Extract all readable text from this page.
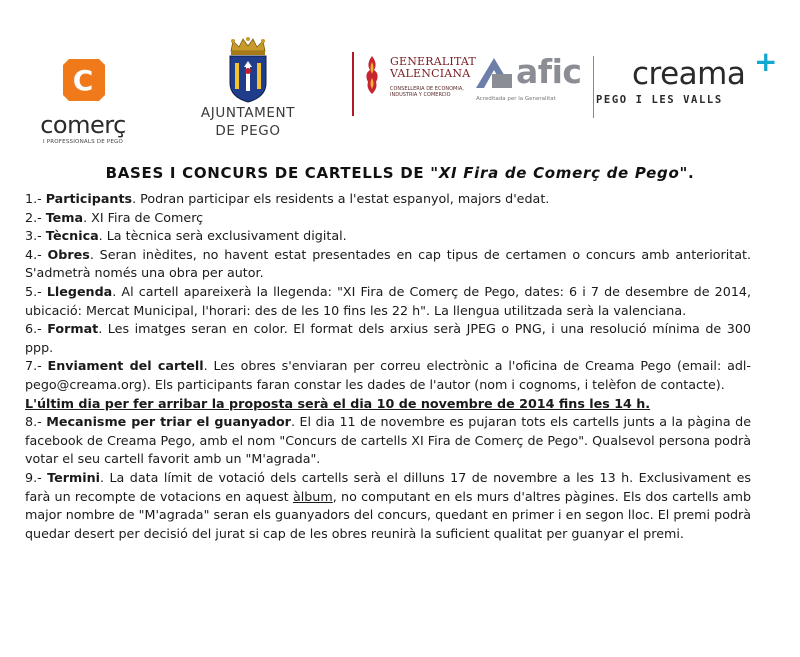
C
comerç
I PROFESSIONALS DE PEGO
AJUNTAMENT
DE PEGO
GENERALITAT
VALENCIANA
CONSELLERIA DE ECONOMIA,
INDUSTRIA Y COMERCIO
afic
Acreditada per la Generalitat
creama +
PEGO I LES VALLS
BASES I CONCURS DE CARTELLS DE "XI Fira de Comerç de Pego".

1.- Participants. Podran participar els residents a l'estat espanyol, majors d'edat.

2.- Tema. XI Fira de Comerç

3.- Tècnica. La tècnica serà exclusivament digital.

4.- Obres. Seran inèdites, no havent estat presentades en cap tipus de certamen o concurs amb anterioritat. S'admetrà només una obra per autor.

5.- Llegenda. Al cartell apareixerà la llegenda: "XI Fira de Comerç de Pego, dates: 6 i 7 de desembre de 2014, ubicació: Mercat Municipal, l'horari: des de les 10 fins les 22 h". La llengua utilitzada serà la valenciana.

6.- Format. Les imatges seran en color. El format dels arxius serà JPEG o PNG, i una resolució mínima de 300 ppp.

7.- Enviament del cartell. Les obres s'enviaran per correu electrònic a l'oficina de Creama Pego (email: adl-pego@creama.org). Els participants faran constar les dades de l'autor (nom i cognoms, i telèfon de contacte).

L'últim dia per fer arribar la proposta serà el dia 10 de novembre de 2014 fins les 14 h.

8.- Mecanisme per triar el guanyador. El dia 11 de novembre es pujaran tots els cartells junts a la pàgina de facebook de Creama Pego, amb el nom "Concurs de cartells XI Fira de Comerç de Pego". Qualsevol persona podrà votar el seu cartell favorit amb un "M'agrada".

9.- Termini. La data límit de votació dels cartells serà el dilluns 17 de novembre a les 13 h. Exclusivament es farà un recompte de votacions en aquest àlbum, no computant en els murs d'altres pàgines. Els dos cartells amb major nombre de "M'agrada" seran els guanyadors del concurs, quedant en primer i en segon lloc. El premi podrà quedar desert per decisió del jurat si cap de les obres reunirà la suficient qualitat per guanyar el premi.
